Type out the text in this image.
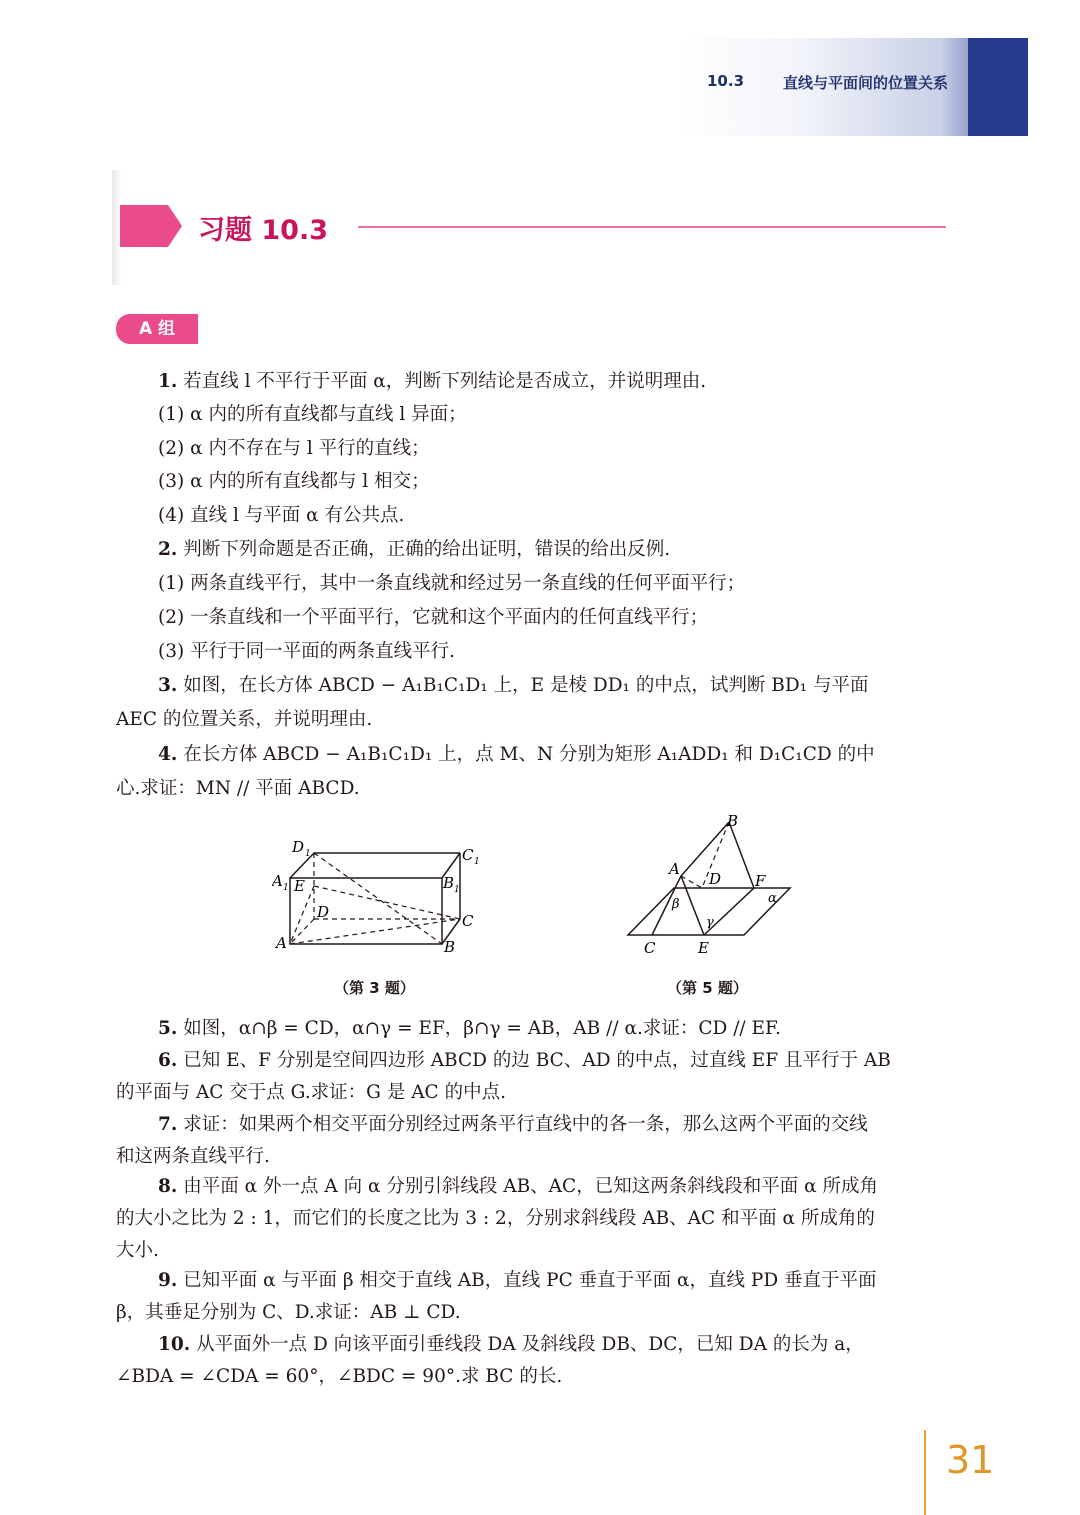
10.3	直线与平面间的位置关系
习题 10.3
A 组
1. 若直线 l 不平行于平面 α，判断下列结论是否成立，并说明理由.
(1) α 内的所有直线都与直线 l 异面；
(2) α 内不存在与 l 平行的直线；
(3) α 内的所有直线都与 l 相交；
(4) 直线 l 与平面 α 有公共点.
2. 判断下列命题是否正确，正确的给出证明，错误的给出反例.
(1) 两条直线平行，其中一条直线就和经过另一条直线的任何平面平行；
(2) 一条直线和一个平面平行，它就和这个平面内的任何直线平行；
(3) 平行于同一平面的两条直线平行.
3. 如图，在长方体 ABCD − A₁B₁C₁D₁ 上，E 是棱 DD₁ 的中点，试判断 BD₁ 与平面
AEC 的位置关系，并说明理由.
4. 在长方体 ABCD − A₁B₁C₁D₁ 上，点 M、N 分别为矩形 A₁ADD₁ 和 D₁C₁CD 的中
心.求证：MN // 平面 ABCD.
5. 如图，α∩β = CD，α∩γ = EF，β∩γ = AB，AB // α.求证：CD // EF.
6. 已知 E、F 分别是空间四边形 ABCD 的边 BC、AD 的中点，过直线 EF 且平行于 AB
的平面与 AC 交于点 G.求证：G 是 AC 的中点.
7. 求证：如果两个相交平面分别经过两条平行直线中的各一条，那么这两个平面的交线
和这两条直线平行.
8. 由平面 α 外一点 A 向 α 分别引斜线段 AB、AC，已知这两条斜线段和平面 α 所成角
的大小之比为 2 : 1，而它们的长度之比为 3 : 2，分别求斜线段 AB、AC 和平面 α 所成角的
大小.
9. 已知平面 α 与平面 β 相交于直线 AB，直线 PC 垂直于平面 α，直线 PD 垂直于平面
β，其垂足分别为 C、D.求证：AB ⊥ CD.
10. 从平面外一点 D 向该平面引垂线段 DA 及斜线段 DB、DC，已知 DA 的长为 a，
∠BDA = ∠CDA = 60°，∠BDC = 90°.求 BC 的长.
D 1	C 1
A 1	B 1
E
D	C
A	B
（第 3 题）
B
A
D F
α
β
γ
C	E
（第 5 题）
31
